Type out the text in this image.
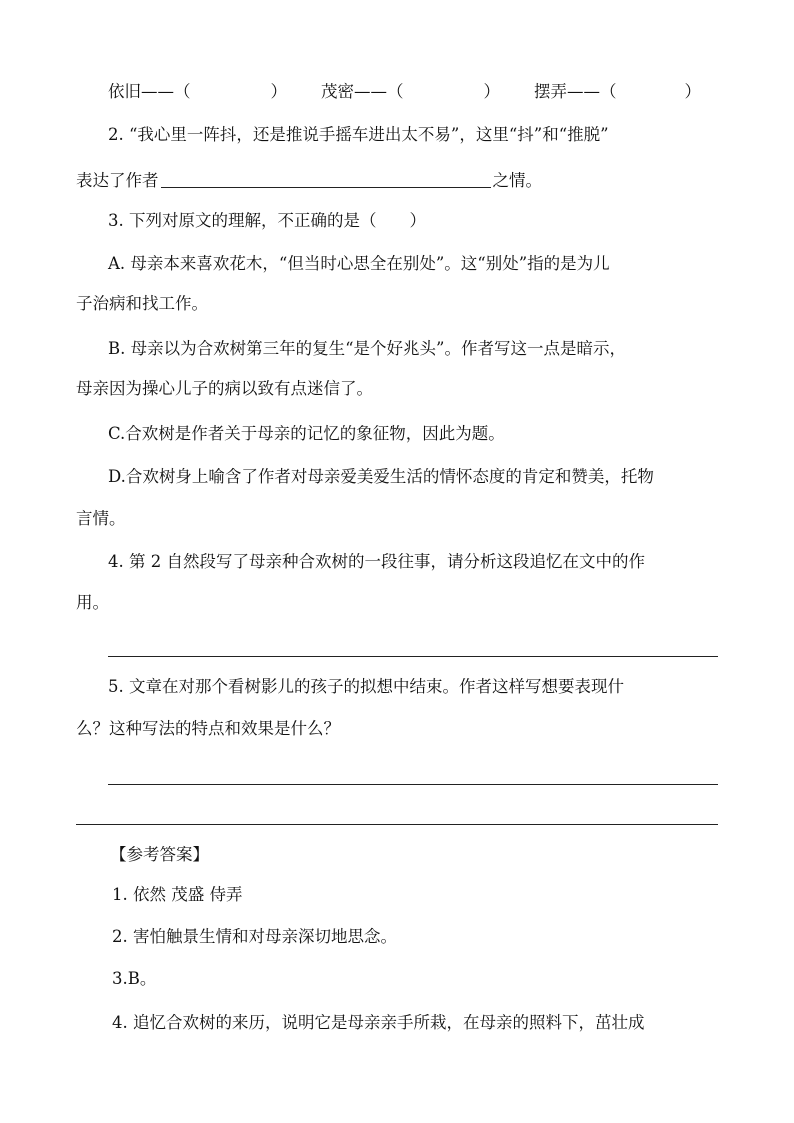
依旧——（	） 茂密——（	） 摆弄——（	）
2. “我心里一阵抖，还是推说手摇车进出太不易”，这里“抖”和“推脱”
表达了作者	之情。
3. 下列对原文的理解，不正确的是（　　）
A. 母亲本来喜欢花木，“但当时心思全在别处”。这“别处”指的是为儿
子治病和找工作。
B. 母亲以为合欢树第三年的复生“是个好兆头”。作者写这一点是暗示，
母亲因为操心儿子的病以致有点迷信了。
C.合欢树是作者关于母亲的记忆的象征物，因此为题。
D.合欢树身上喻含了作者对母亲爱美爱生活的情怀态度的肯定和赞美，托物
言情。
4. 第 2 自然段写了母亲种合欢树的一段往事，请分析这段追忆在文中的作
用。
5. 文章在对那个看树影儿的孩子的拟想中结束。作者这样写想要表现什
么？这种写法的特点和效果是什么？
【参考答案】
1. 依然 茂盛 侍弄
2. 害怕触景生情和对母亲深切地思念。
3.B。
4. 追忆合欢树的来历，说明它是母亲亲手所栽，在母亲的照料下，茁壮成
